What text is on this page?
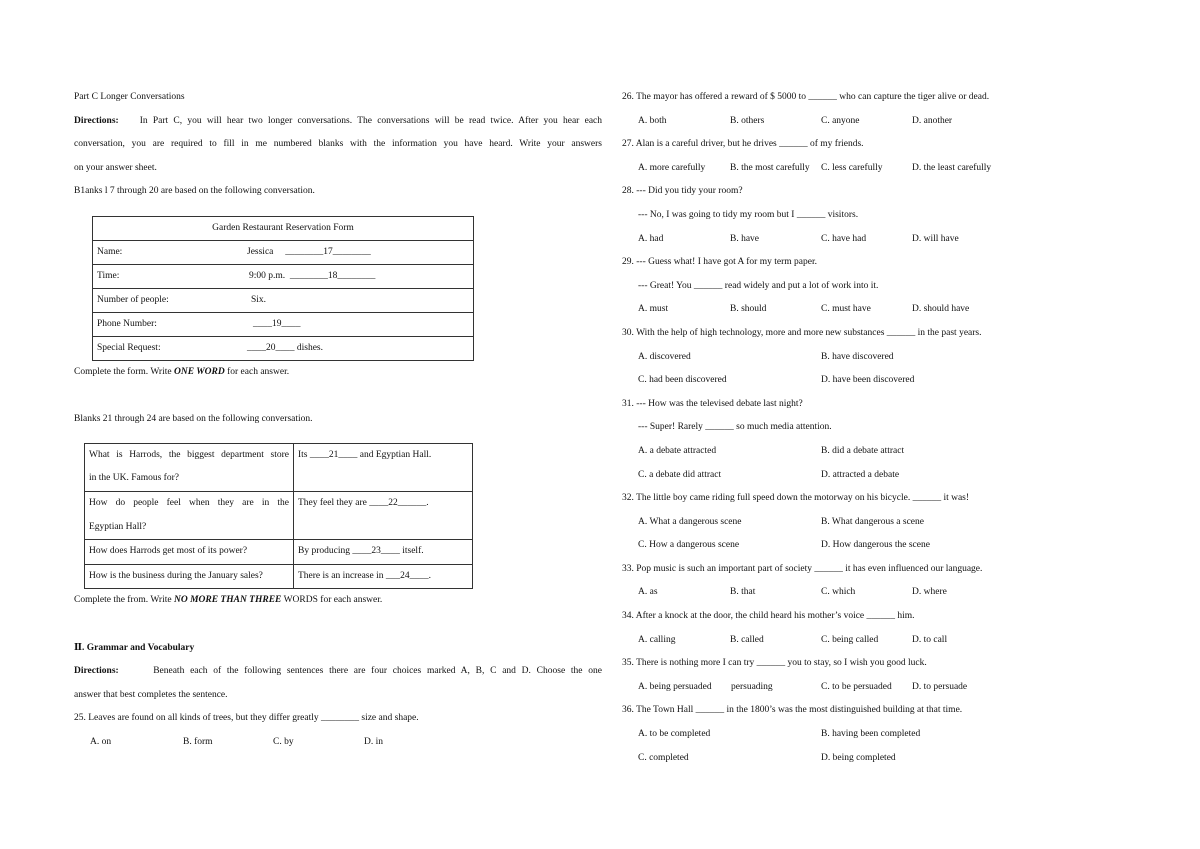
Part C Longer Conversations
Directions: In Part C, you will hear two longer conversations. The conversations will be read twice. After you hear each
conversation, you are required to fill in me numbered blanks with the information you have heard. Write your answers
on your answer sheet.
B1anks l 7 through 20 are based on the following conversation.
Garden Restaurant Reservation Form	
Name:	Jessica ________17________
Time:	9:00 p.m. ________18________
Number of people:	Six.
Phone Number:	____19____
Special Request:	____20____ dishes.
Complete the form. Write ONE WORD for each answer.
Blanks 21 through 24 are based on the following conversation.
What is Harrods, the biggest department store
in the UK. Famous for?	Its ____21____ and Egyptian Hall.

How do people feel when they are in the
Egyptian Hall?	They feel they are ____22______.
How does Harrods get most of its power?	By producing ____23____ itself.
How is the business during the January sales?	There is an increase in ___24____.
Complete the from. Write NO MORE THAN THREE WORDS for each answer.
Ⅱ. Grammar and Vocabulary
Directions:	Beneath each of the following sentences there are four choices marked A, B, C and D. Choose the one
answer that best completes the sentence.
25. Leaves are found on all kinds of trees, but they differ greatly ________ size and shape.
A. on	B. form	C. by	D. in
26. The mayor has offered a reward of $ 5000 to ______ who can capture the tiger alive or dead.
A. both	B. others	C. anyone	D. another
27. Alan is a careful driver, but he drives ______ of my friends.
A. more carefully	B. the most carefully C. less carefully	D. the least carefully
28. --- Did you tidy your room?
--- No, I was going to tidy my room but I ______ visitors.
A. had	B. have	C. have had	D. will have
29. --- Guess what! I have got A for my term paper.
--- Great! You ______ read widely and put a lot of work into it.
A. must	B. should	C. must have	D. should have
30. With the help of high technology, more and more new substances ______ in the past years.
A. discovered	B. have discovered
C. had been discovered	D. have been discovered
31. --- How was the televised debate last night?
--- Super! Rarely ______ so much media attention.
A. a debate attracted	B. did a debate attract
C. a debate did attract	D. attracted a debate
32. The little boy came riding full speed down the motorway on his bicycle. ______ it was!
A. What a dangerous scene	B. What dangerous a scene
C. How a dangerous scene	D. How dangerous the scene
33. Pop music is such an important part of society ______ it has even influenced our language.
A. as	B. that	C. which	D. where
34. After a knock at the door, the child heard his mother’s voice ______ him.
A. calling	B. called	C. being called	D. to call
35. There is nothing more I can try ______ you to stay, so I wish you good luck.
A. being persuaded persuading	C. to be persuaded D. to persuade
36. The Town Hall ______ in the 1800’s was the most distinguished building at that time.
A. to be completed	B. having been completed
C. completed	D. being completed
